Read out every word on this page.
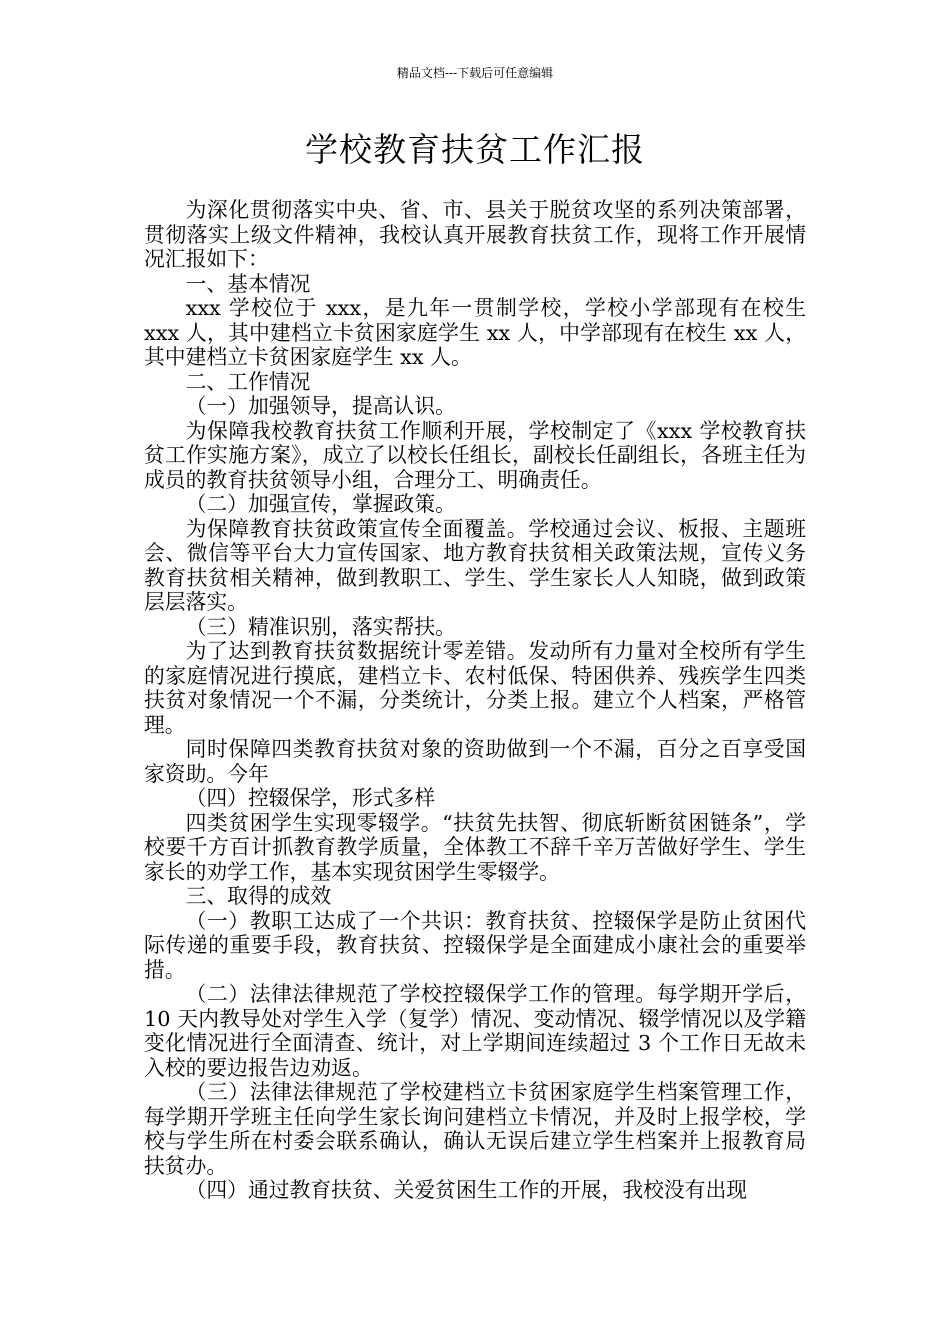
精品文档---下载后可任意编辑
学校教育扶贫工作汇报

为深化贯彻落实中央、省、市、县关于脱贫攻坚的系列决策部署，贯彻落实上级文件精神，我校认真开展教育扶贫工作，现将工作开展情况汇报如下：

一、基本情况

xxx 学校位于 xxx，是九年一贯制学校，学校小学部现有在校生 xxx 人，其中建档立卡贫困家庭学生 xx 人，中学部现有在校生 xx 人，其中建档立卡贫困家庭学生 xx 人。

二、工作情况

（一）加强领导，提高认识。

为保障我校教育扶贫工作顺利开展，学校制定了《xxx 学校教育扶贫工作实施方案》，成立了以校长任组长，副校长任副组长，各班主任为成员的教育扶贫领导小组，合理分工、明确责任。

（二）加强宣传，掌握政策。

为保障教育扶贫政策宣传全面覆盖。学校通过会议、板报、主题班会、微信等平台大力宣传国家、地方教育扶贫相关政策法规，宣传义务教育扶贫相关精神，做到教职工、学生、学生家长人人知晓，做到政策层层落实。

（三）精准识别，落实帮扶。

为了达到教育扶贫数据统计零差错。发动所有力量对全校所有学生的家庭情况进行摸底，建档立卡、农村低保、特困供养、残疾学生四类扶贫对象情况一个不漏，分类统计，分类上报。建立个人档案，严格管理。

同时保障四类教育扶贫对象的资助做到一个不漏，百分之百享受国家资助。今年

（四）控辍保学，形式多样

四类贫困学生实现零辍学。“扶贫先扶智、彻底斩断贫困链条”，学校要千方百计抓教育教学质量，全体教工不辞千辛万苦做好学生、学生家长的劝学工作，基本实现贫困学生零辍学。

三、取得的成效

（一）教职工达成了一个共识：教育扶贫、控辍保学是防止贫困代际传递的重要手段，教育扶贫、控辍保学是全面建成小康社会的重要举措。

（二）法律法律规范了学校控辍保学工作的管理。每学期开学后，10 天内教导处对学生入学（复学）情况、变动情况、辍学情况以及学籍变化情况进行全面清查、统计，对上学期间连续超过 3 个工作日无故未入校的要边报告边劝返。

（三）法律法律规范了学校建档立卡贫困家庭学生档案管理工作，每学期开学班主任向学生家长询问建档立卡情况，并及时上报学校，学校与学生所在村委会联系确认，确认无误后建立学生档案并上报教育局扶贫办。

（四）通过教育扶贫、关爱贫困生工作的开展，我校没有出现
